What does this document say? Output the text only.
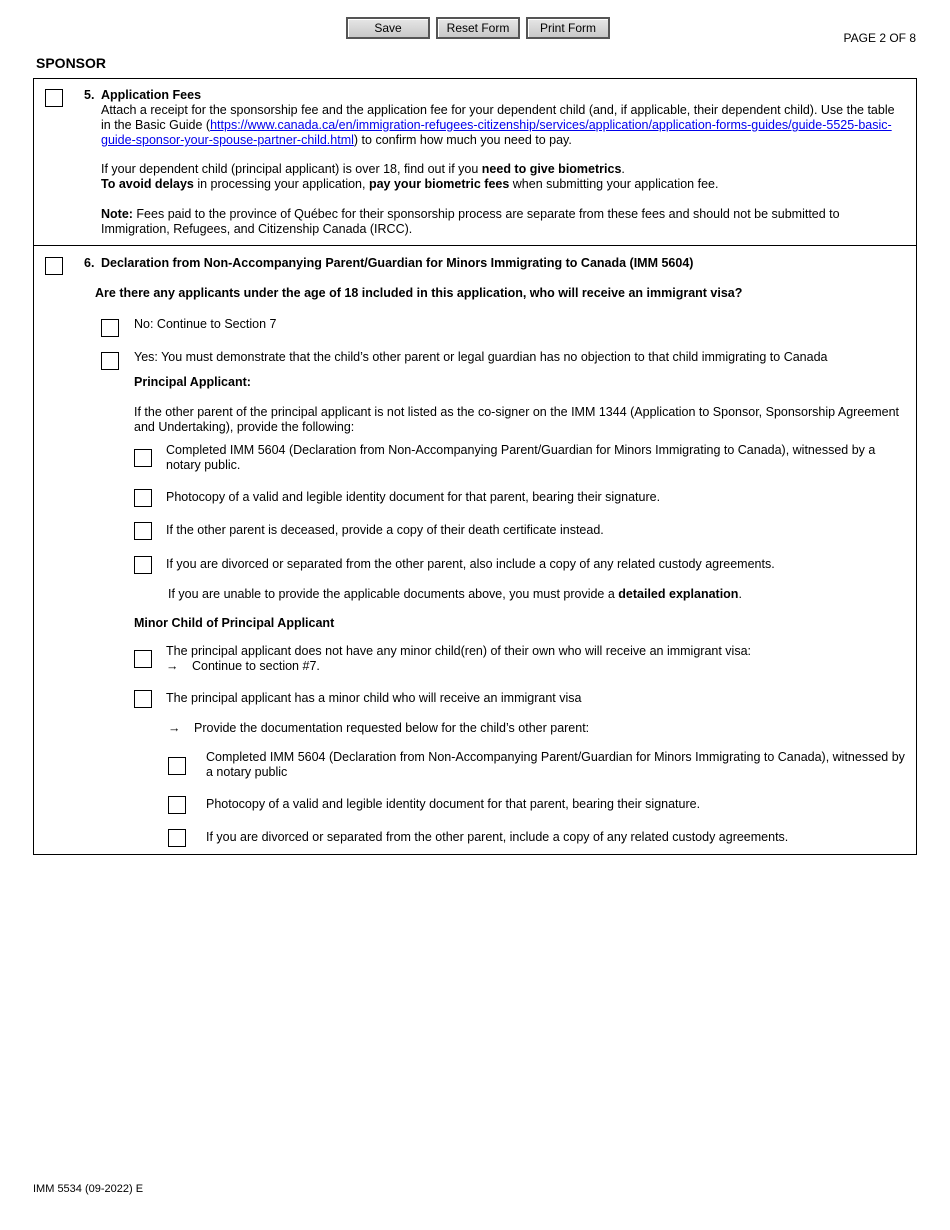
Save	Reset Form	Print Form
PAGE 2 OF 8
SPONSOR
5. Application Fees
Attach a receipt for the sponsorship fee and the application fee for your dependent child (and, if applicable, their dependent child). Use the table in the Basic Guide (https://www.canada.ca/en/immigration-refugees-citizenship/services/application/application-forms-guides/guide-5525-basic-guide-sponsor-your-spouse-partner-child.html) to confirm how much you need to pay.
If your dependent child (principal applicant) is over 18, find out if you need to give biometrics.
To avoid delays in processing your application, pay your biometric fees when submitting your application fee.
Note: Fees paid to the province of Québec for their sponsorship process are separate from these fees and should not be submitted to Immigration, Refugees, and Citizenship Canada (IRCC).
6. Declaration from Non-Accompanying Parent/Guardian for Minors Immigrating to Canada (IMM 5604)
Are there any applicants under the age of 18 included in this application, who will receive an immigrant visa?
No: Continue to Section 7
Yes: You must demonstrate that the child’s other parent or legal guardian has no objection to that child immigrating to Canada
Principal Applicant:
If the other parent of the principal applicant is not listed as the co-signer on the IMM 1344 (Application to Sponsor, Sponsorship Agreement and Undertaking), provide the following:
Completed IMM 5604 (Declaration from Non-Accompanying Parent/Guardian for Minors Immigrating to Canada), witnessed by a notary public.
Photocopy of a valid and legible identity document for that parent, bearing their signature.
If the other parent is deceased, provide a copy of their death certificate instead.
If you are divorced or separated from the other parent, also include a copy of any related custody agreements.
If you are unable to provide the applicable documents above, you must provide a detailed explanation.
Minor Child of Principal Applicant
The principal applicant does not have any minor child(ren) of their own who will receive an immigrant visa:
→ Continue to section #7.
The principal applicant has a minor child who will receive an immigrant visa
→ Provide the documentation requested below for the child’s other parent:
Completed IMM 5604 (Declaration from Non-Accompanying Parent/Guardian for Minors Immigrating to Canada), witnessed by a notary public
Photocopy of a valid and legible identity document for that parent, bearing their signature.
If you are divorced or separated from the other parent, include a copy of any related custody agreements.
IMM 5534 (09-2022) E
